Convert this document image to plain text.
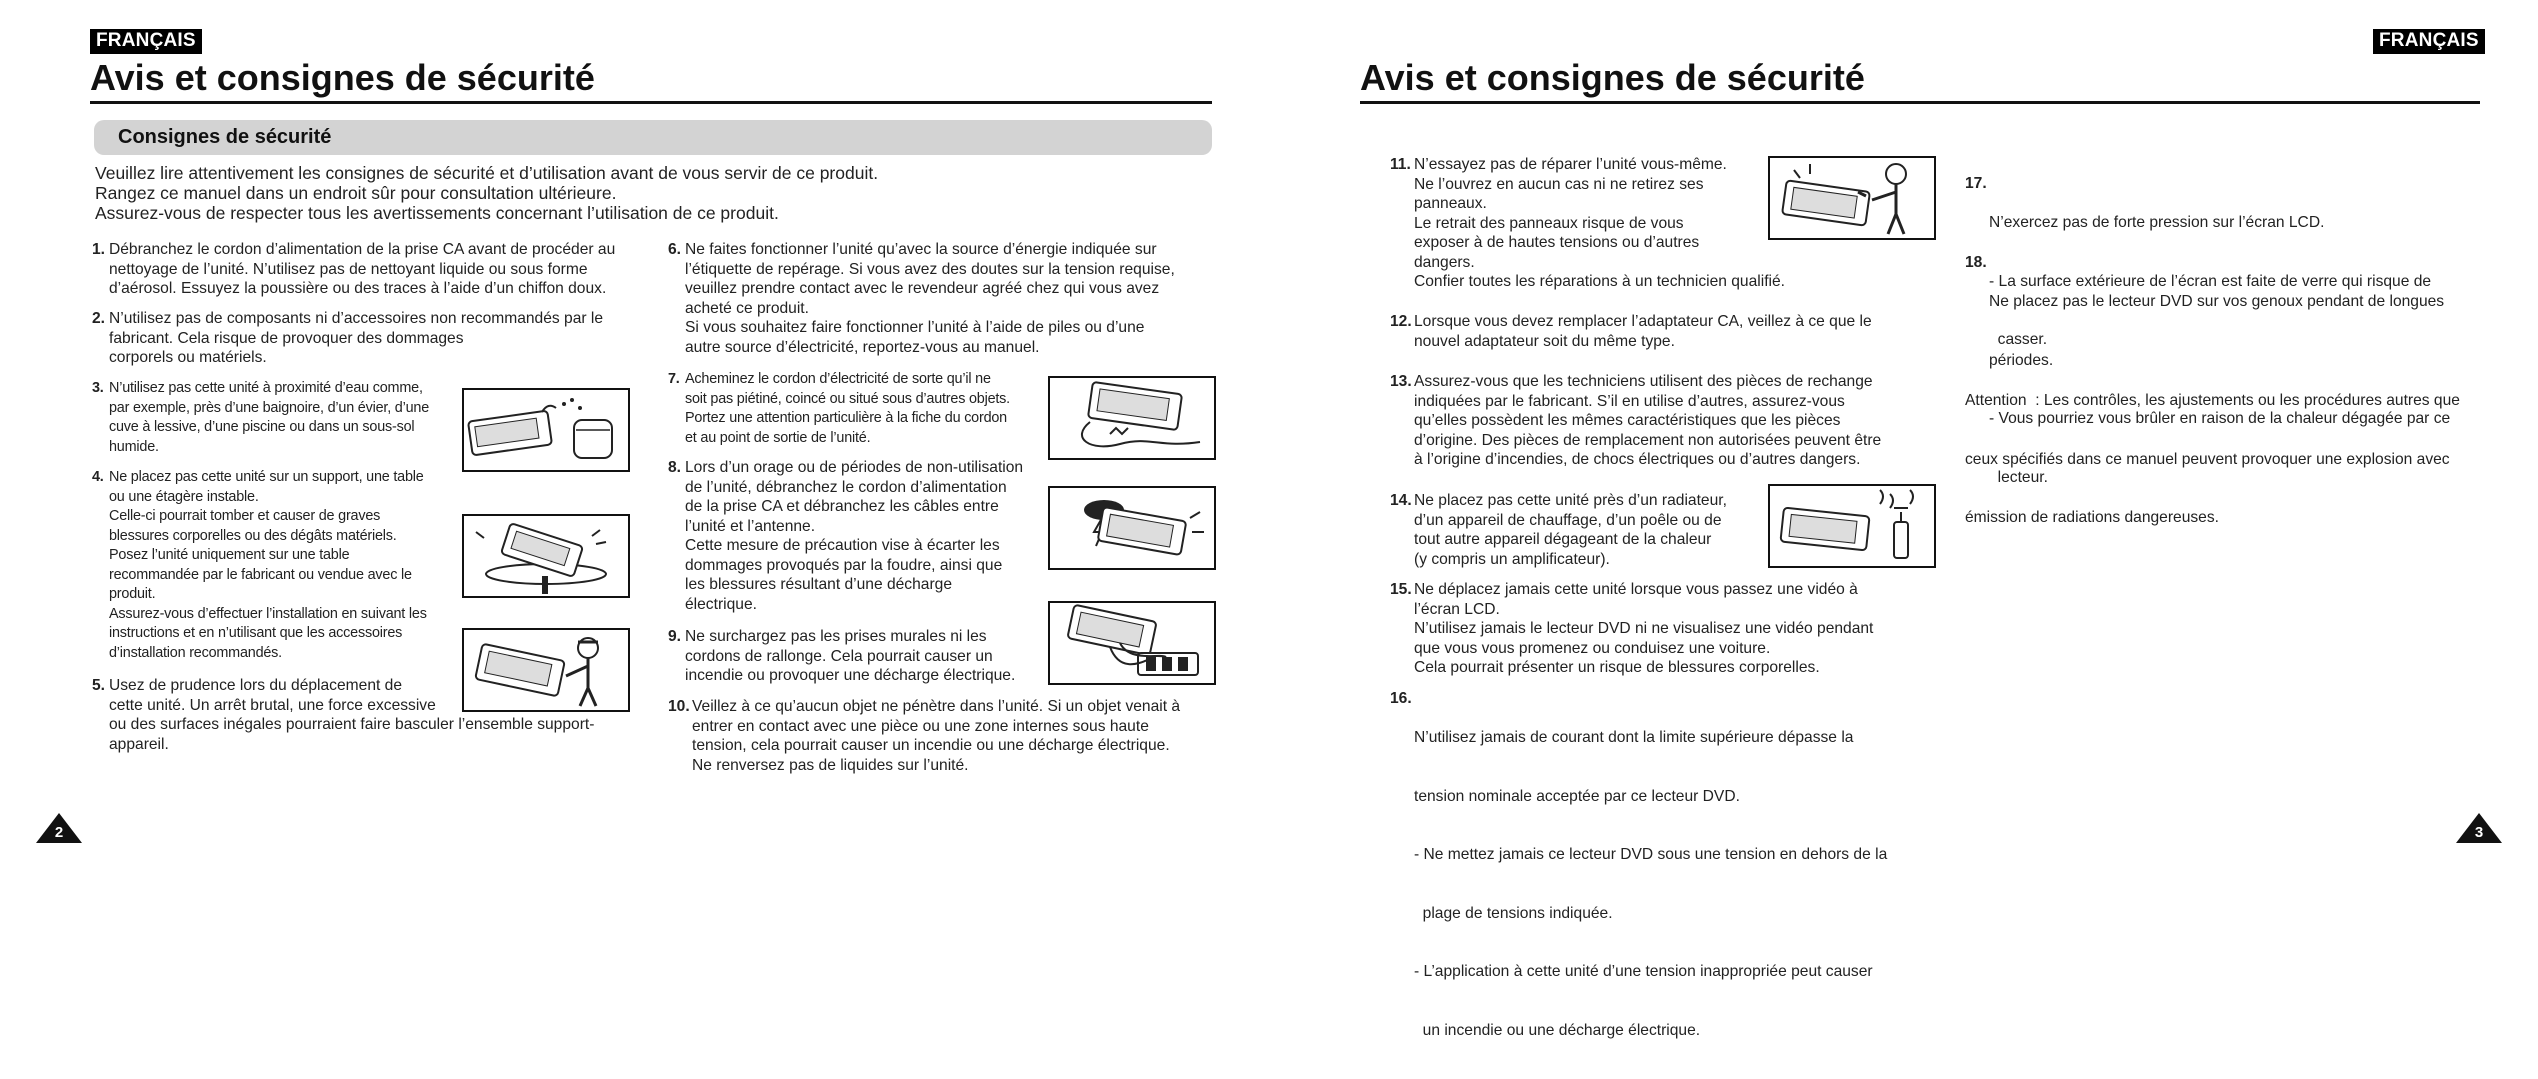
FRANÇAIS
Avis et consignes de sécurité
Consignes de sécurité
Veuillez lire attentivement les consignes de sécurité et d’utilisation avant de vous servir de ce produit.
Rangez ce manuel dans un endroit sûr pour consultation ultérieure.
Assurez-vous de respecter tous les avertissements concernant l’utilisation de ce produit.
1. Débranchez le cordon d’alimentation de la prise CA avant de procéder au

nettoyage de l’unité. N’utilisez pas de nettoyant liquide ou sous forme

d’aérosol. Essuyez la poussière ou des traces à l’aide d’un chiffon doux.

2. N’utilisez pas de composants ni d’accessoires non recommandés par le

fabricant. Cela risque de provoquer des dommages

corporels ou matériels.

3. N’utilisez pas cette unité à proximité d’eau comme,

par exemple, près d’une baignoire, d’un évier, d’une

cuve à lessive, d’une piscine ou dans un sous-sol

humide.

4. Ne placez pas cette unité sur un support, une table

ou une étagère instable.

Celle-ci pourrait tomber et causer de graves

blessures corporelles ou des dégâts matériels.

Posez l’unité uniquement sur une table

recommandée par le fabricant ou vendue avec le

produit.

Assurez-vous d’effectuer l’installation en suivant les

instructions et en n’utilisant que les accessoires

d’installation recommandés.

5. Usez de prudence lors du déplacement de

cette unité. Un arrêt brutal, une force excessive

ou des surfaces inégales pourraient faire basculer l’ensemble support-

appareil.

6. Ne faites fonctionner l’unité qu’avec la source d’énergie indiquée sur

l’étiquette de repérage. Si vous avez des doutes sur la tension requise,

veuillez prendre contact avec le revendeur agréé chez qui vous avez

acheté ce produit.

Si vous souhaitez faire fonctionner l’unité à l’aide de piles ou d’une

autre source d’électricité, reportez-vous au manuel.

7. Acheminez le cordon d’électricité de sorte qu’il ne

soit pas piétiné, coincé ou situé sous d’autres objets.

Portez une attention particulière à la fiche du cordon

et au point de sortie de l’unité.

8. Lors d’un orage ou de périodes de non-utilisation

de l’unité, débranchez le cordon d’alimentation

de la prise CA et débranchez les câbles entre

l’unité et l’antenne.

Cette mesure de précaution vise à écarter les

dommages provoqués par la foudre, ainsi que

les blessures résultant d’une décharge

électrique.

9. Ne surchargez pas les prises murales ni les

cordons de rallonge. Cela pourrait causer un

incendie ou provoquer une décharge électrique.

10. Veillez à ce qu’aucun objet ne pénètre dans l’unité. Si un objet venait à

entrer en contact avec une pièce ou une zone internes sous haute

tension, cela pourrait causer un incendie ou une décharge électrique.

Ne renversez pas de liquides sur l’unité.

2
FRANÇAIS
Avis et consignes de sécurité
11. N’essayez pas de réparer l’unité vous-même.

Ne l’ouvrez en aucun cas ni ne retirez ses

panneaux.

Le retrait des panneaux risque de vous

exposer à de hautes tensions ou d’autres

dangers.

Confier toutes les réparations à un technicien qualifié.

12. Lorsque vous devez remplacer l’adaptateur CA, veillez à ce que le

nouvel adaptateur soit du même type.

13. Assurez-vous que les techniciens utilisent des pièces de rechange

indiquées par le fabricant. S’il en utilise d’autres, assurez-vous

qu’elles possèdent les mêmes caractéristiques que les pièces

d’origine. Des pièces de remplacement non autorisées peuvent être

à l’origine d’incendies, de chocs électriques ou d’autres dangers.

14. Ne placez pas cette unité près d’un radiateur,

d’un appareil de chauffage, d’un poêle ou de

tout autre appareil dégageant de la chaleur

(y compris un amplificateur).

15. Ne déplacez jamais cette unité lorsque vous passez une vidéo à

l’écran LCD.

N’utilisez jamais le lecteur DVD ni ne visualisez une vidéo pendant

que vous vous promenez ou conduisez une voiture.

Cela pourrait présenter un risque de blessures corporelles.

16.

N’utilisez jamais de courant dont la limite supérieure dépasse la

tension nominale acceptée par ce lecteur DVD.

- Ne mettez jamais ce lecteur DVD sous une tension en dehors de la

plage de tensions indiquée.

- L’application à cette unité d’une tension inappropriée peut causer

un incendie ou une décharge électrique.

17.

N’exercez pas de forte pression sur l’écran LCD.

- La surface extérieure de l’écran est faite de verre qui risque de

casser.

18.

Ne placez pas le lecteur DVD sur vos genoux pendant de longues

périodes.

- Vous pourriez vous brûler en raison de la chaleur dégagée par ce

lecteur.

Attention  : Les contrôles, les ajustements ou les procédures autres que

ceux spécifiés dans ce manuel peuvent provoquer une explosion avec

émission de radiations dangereuses.

3
